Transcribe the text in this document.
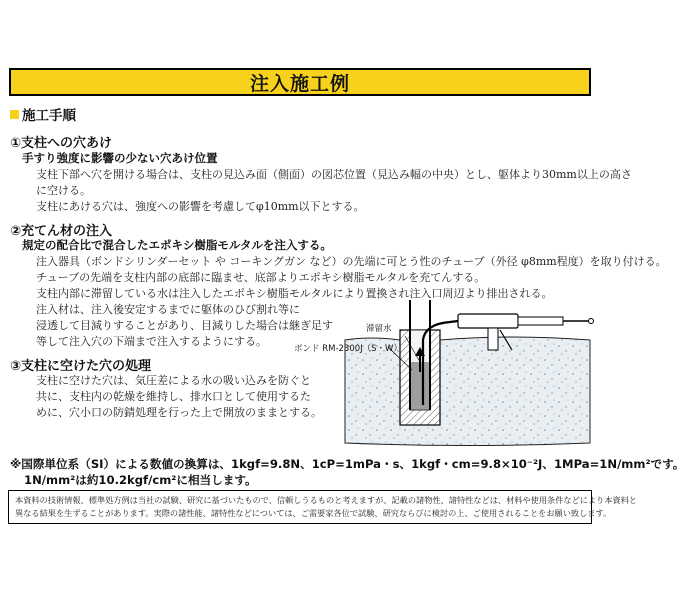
注入施工例
施工手順
①支柱への穴あけ
手すり強度に影響の少ない穴あけ位置
支柱下部へ穴を開ける場合は、支柱の見込み面（側面）の図芯位置（見込み幅の中央）とし、躯体より30mm以上の高さ
に空ける。
支柱にあける穴は、強度への影響を考慮してφ10mm以下とする。
②充てん材の注入
規定の配合比で混合したエポキシ樹脂モルタルを注入する。
注入器具（ボンドシリンダーセット や コーキングガン など）の先端に可とう性のチューブ（外径 φ8mm程度）を取り付ける。
チューブの先端を支柱内部の底部に臨ませ、底部よりエポキシ樹脂モルタルを充てんする。
支柱内部に滞留している水は注入したエポキシ樹脂モルタルにより置換され注入口周辺より排出される。
注入材は、注入後安定するまでに躯体のひび割れ等に
浸透して目減りすることがあり、目減りした場合は継ぎ足す
等して注入穴の下端まで注入するようにする。
③支柱に空けた穴の処理
支柱に空けた穴は、気圧差による水の吸い込みを防ぐと
共に、支柱内の乾燥を維持し、排水口として使用するた
めに、穴小口の防錆処理を行った上で開放のままとする。
滞留水
ボンド RM-2300J（S・W）
※国際単位系（SI）による数値の換算は、1kgf=9.8N、1cP=1mPa・s、1kgf・cm=9.8×10⁻²J、1MPa=1N/mm²です。
1N/mm²は約10.2kgf/cm²に相当します。
本資料の技術情報、標準処方例は当社の試験、研究に基づいたもので、信頼しうるものと考えますが、記載の諸物性、諸特性などは、材料や使用条件などにより本資料と
異なる結果を生ずることがあります。実際の諸性能、諸特性などについては、ご需要家各位で試験、研究ならびに検討の上、ご使用されることをお願い致します。
